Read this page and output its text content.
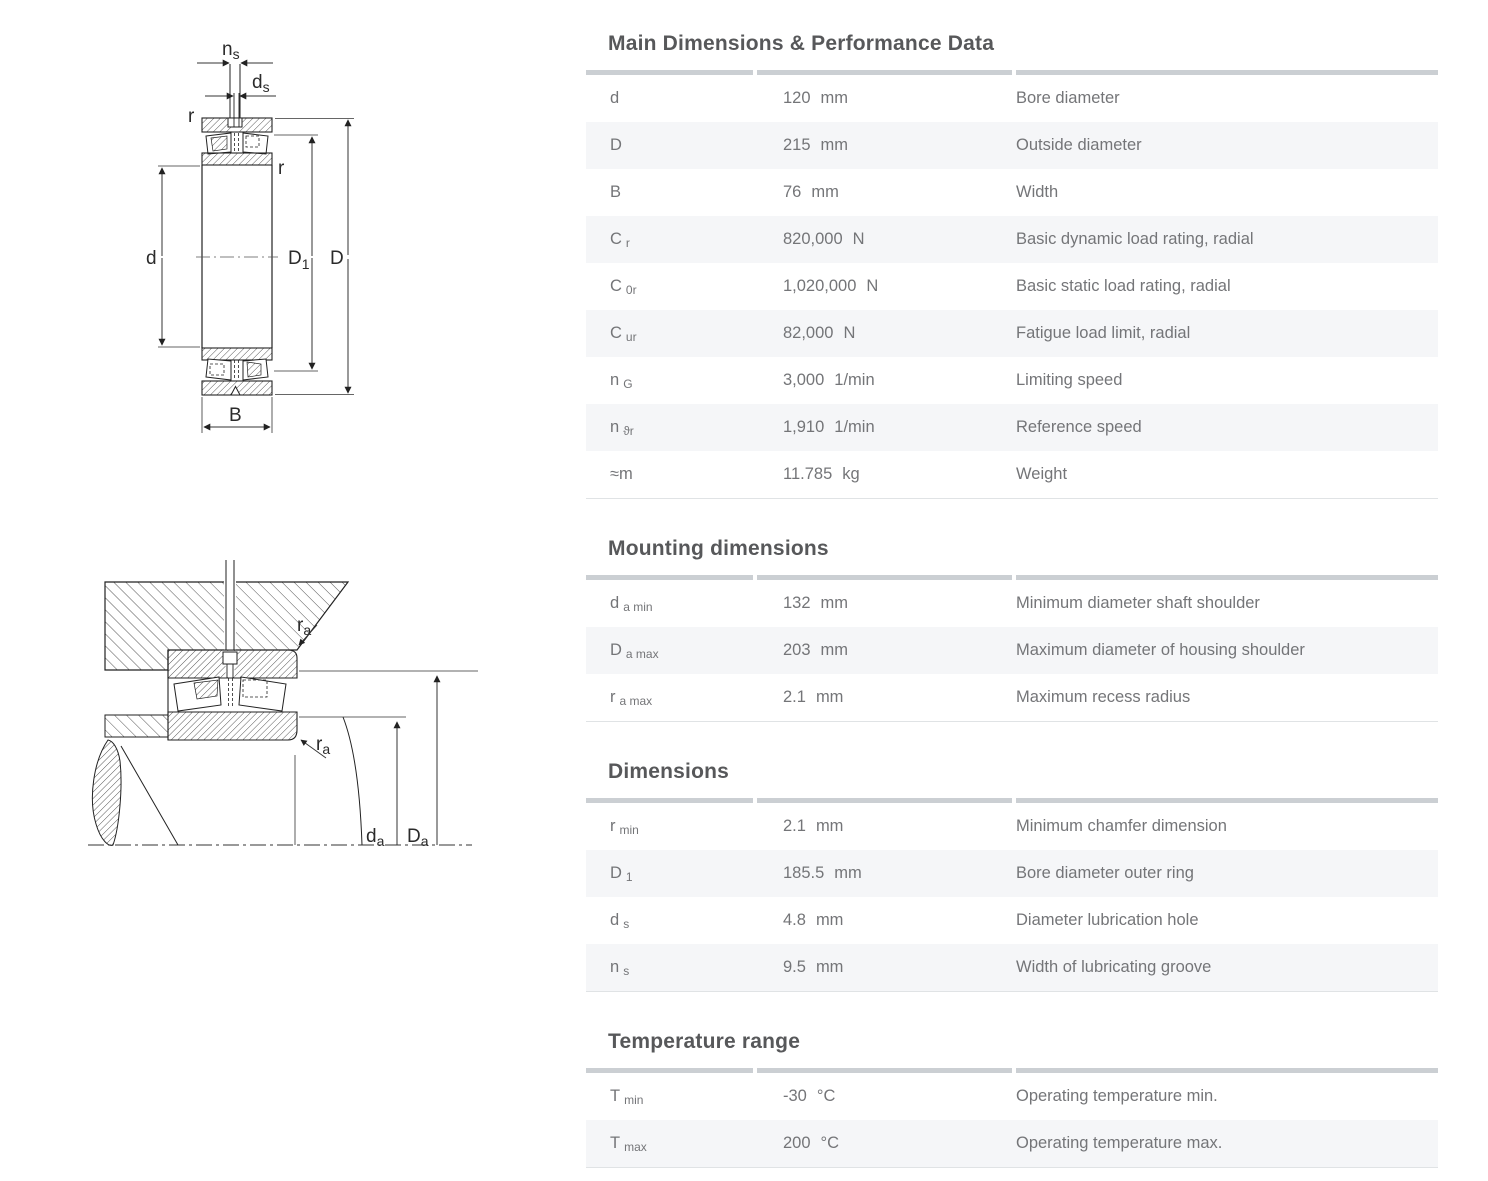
$n_s$
$d_s$
r
r
d	$D_1$ D
B
$r_a$
$r_a$
$d_a$ $D_a$
Main Dimensions & Performance Data
d	120 mm	Bore diameter
D	215 mm	Outside diameter
B	76 mm	Width
C r	820,000 N	Basic dynamic load rating, radial
C 0r	1,020,000 N	Basic static load rating, radial
C ur	82,000 N	Fatigue load limit, radial
n G	3,000 1/min	Limiting speed
n ϑr	1,910 1/min	Reference speed
≈m	11.785 kg	Weight
Mounting dimensions
d a min	132 mm	Minimum diameter shaft shoulder
D a max	203 mm	Maximum diameter of housing shoulder
r a max	2.1 mm	Maximum recess radius
Dimensions
r min	2.1 mm	Minimum chamfer dimension
D 1	185.5 mm	Bore diameter outer ring
d s	4.8 mm	Diameter lubrication hole
n s	9.5 mm	Width of lubricating groove
Temperature range
T min	-30 °C	Operating temperature min.
T max	200 °C	Operating temperature max.
